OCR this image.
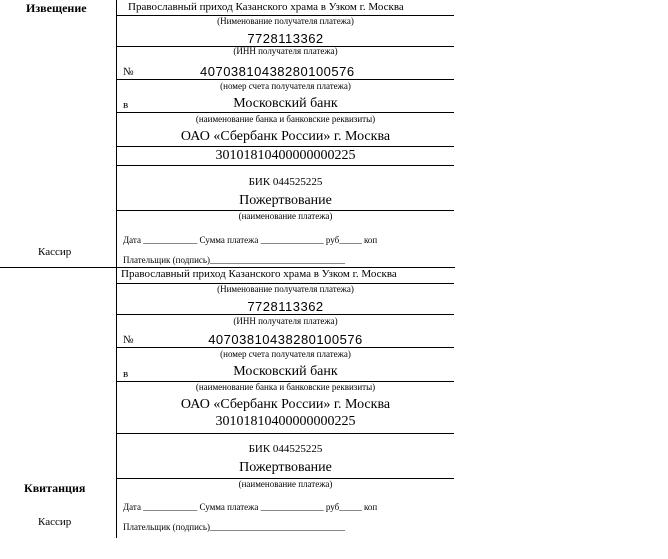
Извещение
Кассир
Православный приход Казанского храма в Узком г. Москва
(Нименование получателя платежа)
7728113362
(ИНН получателя платежа)
№	40703810438280100576
(номер счета получателя платежа)
в	Московский банк
(наименование банка и банковские реквизиты)
ОАО «Сбербанк России» г. Москва
30101810400000000225
БИК 044525225
Пожертвование
(наименование платежа)
Дата ____________ Сумма платежа ______________ руб_____ коп
Плательщик (подпись)______________________________
Квитанция
Кассир
Православный приход Казанского храма в Узком г. Москва
(Нименование получателя платежа)
7728113362
(ИНН получателя платежа)
№	40703810438280100576
(номер счета получателя платежа)
в	Московский банк
(наименование банка и банковские реквизиты)
ОАО «Сбербанк России» г. Москва
30101810400000000225
БИК 044525225
Пожертвование
(наименование платежа)
Дата ____________ Сумма платежа ______________ руб_____ коп
Плательщик (подпись)______________________________
